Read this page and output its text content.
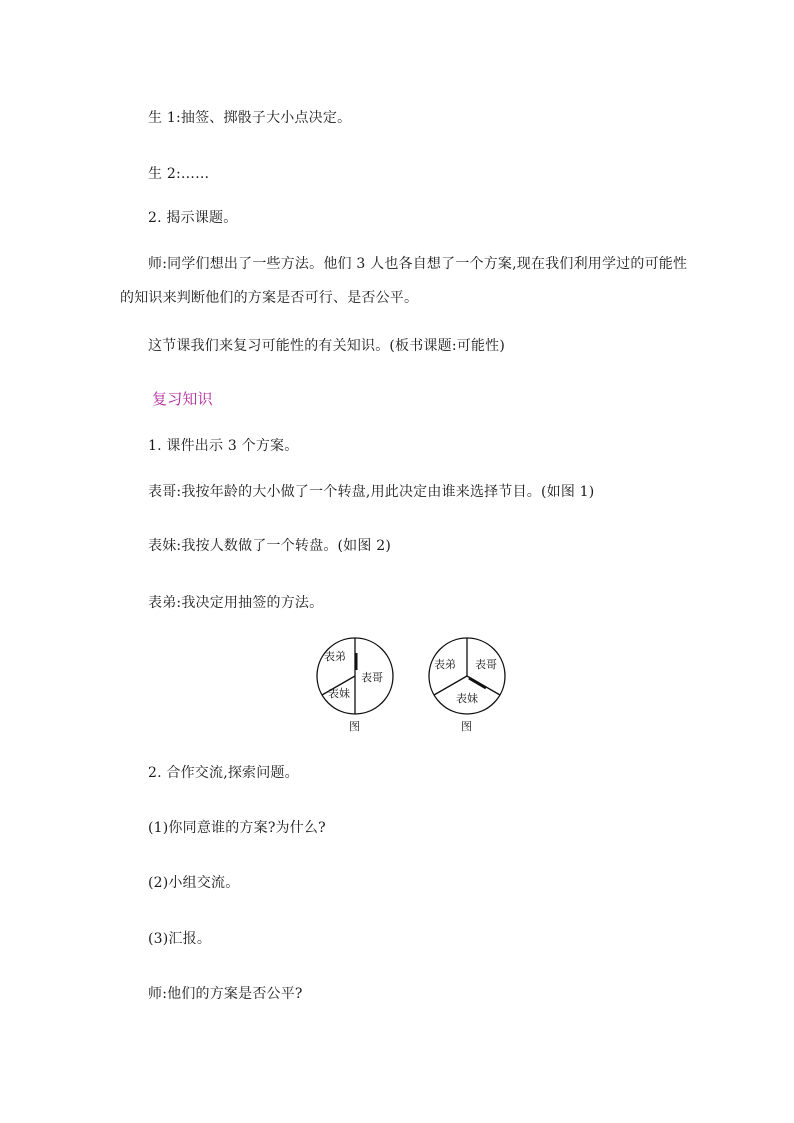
生 1:抽签、掷骰子大小点决定。
生 2:……
2. 揭示课题。
师:同学们想出了一些方法。他们 3 人也各自想了一个方案,现在我们利用学过的可能性
的知识来判断他们的方案是否可行、是否公平。
这节课我们来复习可能性的有关知识。(板书课题:可能性)
复习知识
1. 课件出示 3 个方案。
表哥:我按年龄的大小做了一个转盘,用此决定由谁来选择节目。(如图 1)
表妹:我按人数做了一个转盘。(如图 2)
表弟:我决定用抽签的方法。
表弟
表哥
表妹
图
表弟 表哥
表妹
图
2. 合作交流,探索问题。
(1)你同意谁的方案?为什么?
(2)小组交流。
(3)汇报。
师:他们的方案是否公平?
